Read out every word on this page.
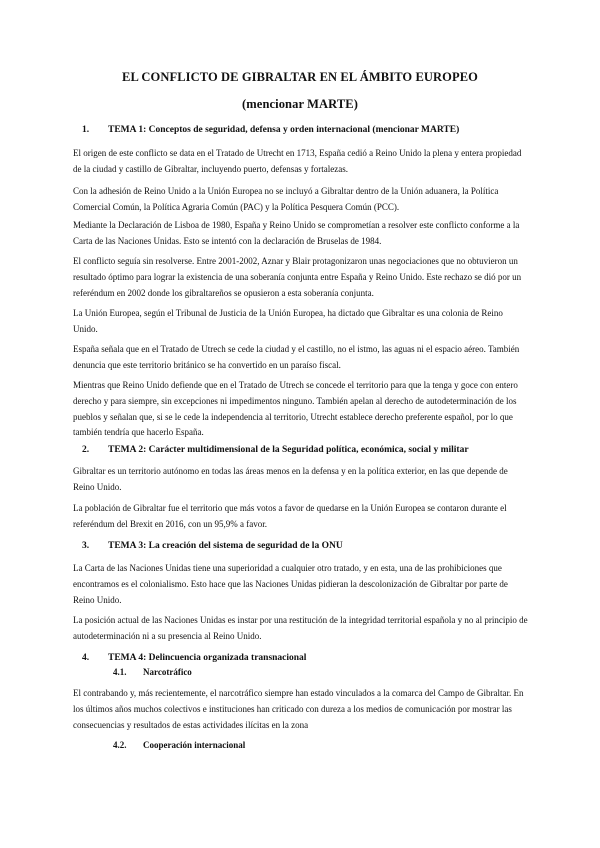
EL CONFLICTO DE GIBRALTAR EN EL ÁMBITO EUROPEO
(mencionar MARTE)
1. TEMA 1: Conceptos de seguridad, defensa y orden internacional (mencionar MARTE)
El origen de este conflicto se data en el Tratado de Utrecht en 1713, España cedió a Reino Unido la plena y entera propiedad de la ciudad y castillo de Gibraltar, incluyendo puerto, defensas y fortalezas.
Con la adhesión de Reino Unido a la Unión Europea no se incluyó a Gibraltar dentro de la Unión aduanera, la Política Comercial Común, la Política Agraria Común (PAC) y la Política Pesquera Común (PCC).
Mediante la Declaración de Lisboa de 1980, España y Reino Unido se comprometían a resolver este conflicto conforme a la Carta de las Naciones Unidas. Esto se intentó con la declaración de Bruselas de 1984.
El conflicto seguía sin resolverse. Entre 2001-2002, Aznar y Blair protagonizaron unas negociaciones que no obtuvieron un resultado óptimo para lograr la existencia de una soberanía conjunta entre España y Reino Unido. Este rechazo se dió por un referéndum en 2002 donde los gibraltareños se opusieron a esta soberanía conjunta.
La Unión Europea, según el Tribunal de Justicia de la Unión Europea, ha dictado que Gibraltar es una colonia de Reino Unido.
España señala que en el Tratado de Utrech se cede la ciudad y el castillo, no el istmo, las aguas ni el espacio aéreo. También denuncia que este territorio británico se ha convertido en un paraíso fiscal.
Mientras que Reino Unido defiende que en el Tratado de Utrech se concede el territorio para que la tenga y goce con entero derecho y para siempre, sin excepciones ni impedimentos ninguno. También apelan al derecho de autodeterminación de los pueblos y señalan que, si se le cede la independencia al territorio, Utrecht establece derecho preferente español, por lo que también tendría que hacerlo España.
2. TEMA 2: Carácter multidimensional de la Seguridad política, económica, social y militar
Gibraltar es un territorio autónomo en todas las áreas menos en la defensa y en la política exterior, en las que depende de Reino Unido.
La población de Gibraltar fue el territorio que más votos a favor de quedarse en la Unión Europea se contaron durante el referéndum del Brexit en 2016, con un 95,9% a favor.
3. TEMA 3: La creación del sistema de seguridad de la ONU
La Carta de las Naciones Unidas tiene una superioridad a cualquier otro tratado, y en esta, una de las prohibiciones que encontramos es el colonialismo. Esto hace que las Naciones Unidas pidieran la descolonización de Gibraltar por parte de Reino Unido.
La posición actual de las Naciones Unidas es instar por una restitución de la integridad territorial española y no al principio de autodeterminación ni a su presencia al Reino Unido.
4. TEMA 4: Delincuencia organizada transnacional
4.1. Narcotráfico
El contrabando y, más recientemente, el narcotráfico siempre han estado vinculados a la comarca del Campo de Gibraltar. En los últimos años muchos colectivos e instituciones han criticado con dureza a los medios de comunicación por mostrar las consecuencias y resultados de estas actividades ilícitas en la zona
4.2. Cooperación internacional
